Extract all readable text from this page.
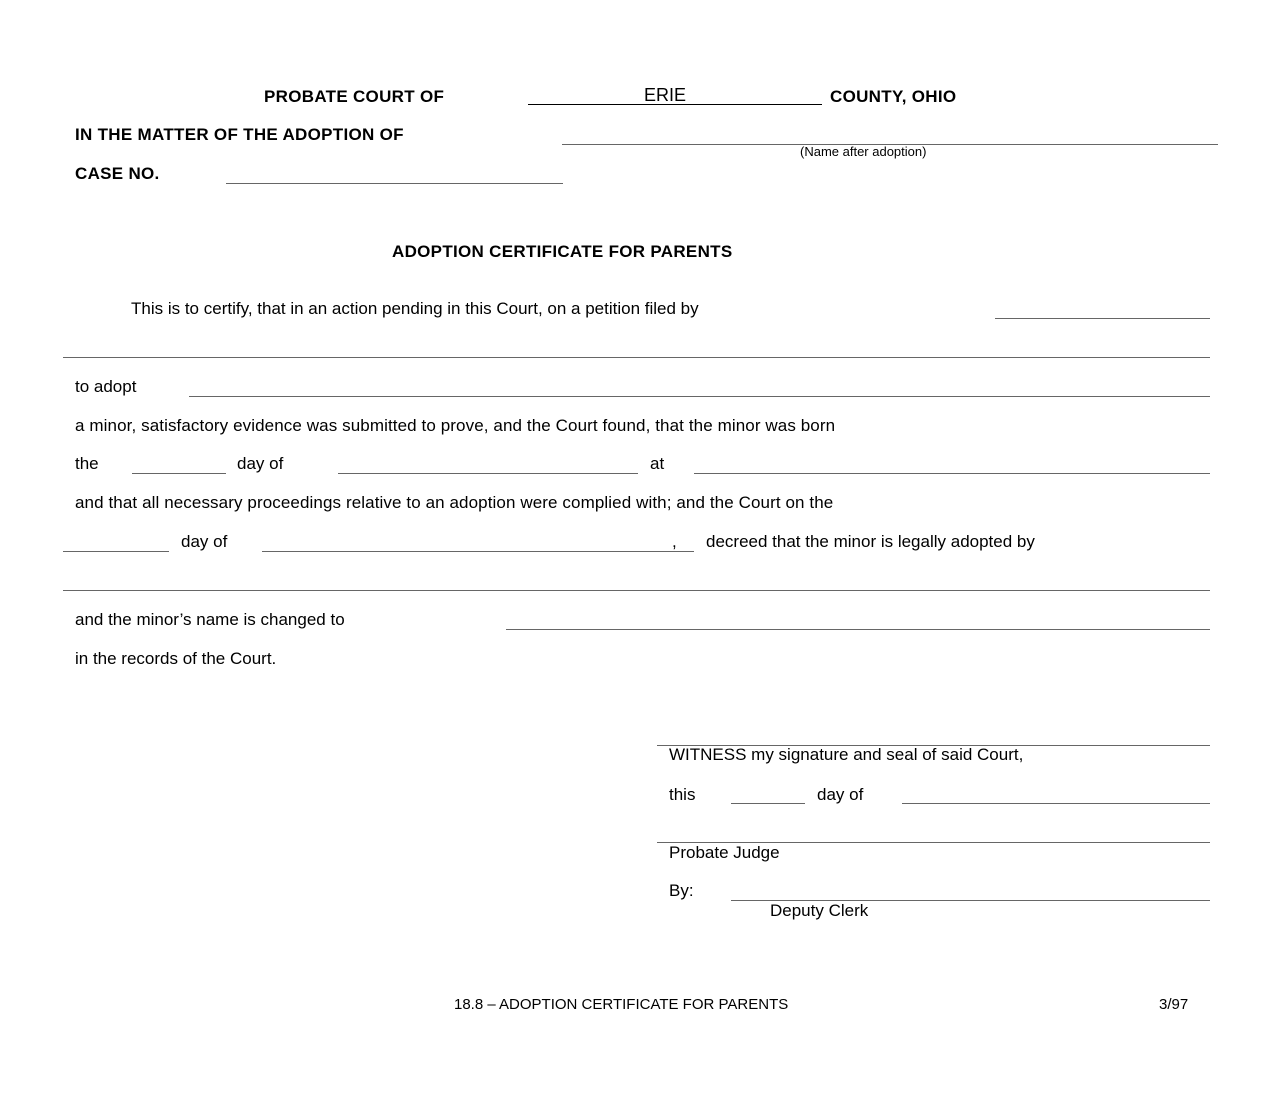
PROBATE COURT OF	ERIE	COUNTY, OHIO
IN THE MATTER OF THE ADOPTION OF
(Name after adoption)
CASE NO.
ADOPTION CERTIFICATE FOR PARENTS
This is to certify, that in an action pending in this Court, on a petition filed by
to adopt
a minor, satisfactory evidence was submitted to prove, and the Court found, that the minor was born
the	day of	at
and that all necessary proceedings relative to an adoption were complied with; and the Court on the
day of	, decreed that the minor is legally adopted by
and the minor’s name is changed to
in the records of the Court.
WITNESS my signature and seal of said Court,
this	day of
Probate Judge
By:
Deputy Clerk
18.8 – ADOPTION CERTIFICATE FOR PARENTS	3/97
